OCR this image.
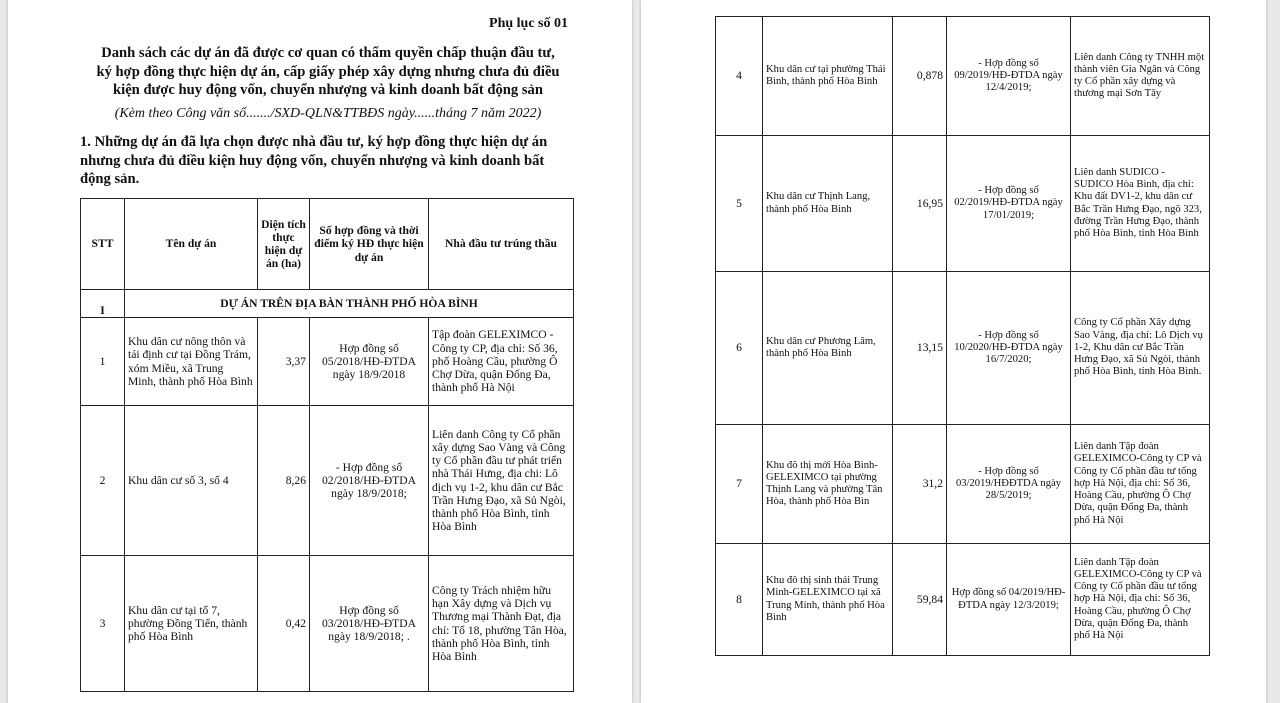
Phụ lục số 01
Danh sách các dự án đã được cơ quan có thẩm quyền chấp thuận đầu tư,
ký hợp đồng thực hiện dự án, cấp giấy phép xây dựng nhưng chưa đủ điều
kiện được huy động vốn, chuyển nhượng và kinh doanh bất động sản
(Kèm theo Công văn số......./SXD-QLN&TTBĐS ngày......tháng 7 năm 2022)
1. Những dự án đã lựa chọn được nhà đầu tư, ký hợp đồng thực hiện dự án nhưng chưa đủ điều kiện huy động vốn, chuyển nhượng và kinh doanh bất động sản.
STT	Tên dự án	Diện tích thực hiện dự án (ha)	Số hợp đồng và thời điểm ký HĐ thực hiện dự án	Nhà đầu tư trúng thầu
I	DỰ ÁN TRÊN ĐỊA BÀN THÀNH PHỐ HÒA BÌNH			
1	Khu dân cư nông thôn và tái định cư tại Đồng Trám, xóm Miều, xã Trung Minh, thành phố Hòa Bình	3,37	Hợp đồng số 05/2018/HĐ-ĐTDA ngày 18/9/2018	Tập đoàn GELEXIMCO - Công ty CP, địa chỉ: Số 36, phố Hoàng Cầu, phường Ô Chợ Dừa, quận Đống Đa, thành phố Hà Nội
2	Khu dân cư số 3, số 4	8,26	- Hợp đồng số 02/2018/HĐ-ĐTDA ngày 18/9/2018;	Liên danh Công ty Cổ phần xây dựng Sao Vàng và Công ty Cổ phần đầu tư phát triển nhà Thái Hưng, địa chi: Lô dịch vụ 1-2, khu dân cư Bắc Trần Hưng Đạo, xã Sủ Ngòi, thành phố Hòa Bình, tỉnh Hòa Bình
3	Khu dân cư tại tổ 7, phường Đồng Tiến, thành phố Hòa Bình	0,42	Hợp đồng số 03/2018/HĐ-ĐTDA ngày 18/9/2018; .	Công ty Trách nhiệm hữu hạn Xây dựng và Dịch vụ Thương mại Thành Đạt, địa chỉ: Tổ 18, phường Tân Hòa, thành phố Hòa Bình, tỉnh Hòa Bình
4	Khu dân cư tại phường Thái Bình, thành phố Hòa Bình	0,878	- Hợp đồng số 09/2019/HĐ-ĐTDA ngày 12/4/2019;	Liên danh Công ty TNHH một thành viên Gia Ngân và Công ty Cổ phần xây dựng và thương mại Sơn Tây
5	Khu dân cư Thịnh Lang, thành phố Hòa Bình	16,95	- Hợp đồng số 02/2019/HĐ-ĐTDA ngày 17/01/2019;	Liên danh SUDICO - SUDICO Hòa Bình, địa chỉ: Khu đất DV1-2, khu dân cư Bắc Trần Hưng Đạo, ngõ 323, đường Trần Hưng Đạo, thành phố Hòa Bình, tỉnh Hòa Bình
6	Khu dân cư Phương Lâm, thành phố Hòa Bình	13,15	- Hợp đồng số 10/2020/HĐ-ĐTDA ngày 16/7/2020;	Công ty Cổ phần Xây dựng Sao Vàng, địa chỉ: Lô Dịch vụ 1-2, Khu dân cư Bắc Trần Hưng Đạo, xã Sủ Ngòi, thành phố Hòa Bình, tỉnh Hòa Bình.
7	Khu đô thị mới Hòa Bình-GELEXIMCO tại phường Thịnh Lang và phường Tân Hòa, thành phố Hòa Bìn	31,2	- Hợp đồng số 03/2019/HĐĐTDA ngày 28/5/2019;	Liên danh Tập đoàn GELEXIMCO-Công ty CP và Công ty Cổ phần đầu tư tổng hợp Hà Nội, địa chỉ: Số 36, Hoàng Cầu, phường Ô Chợ Dừa, quận Đống Đa, thành phố Hà Nội
8	Khu đô thị sinh thái Trung Minh-GELEXIMCO tại xã Trung Minh, thành phố Hòa Bình	59,84	Hợp đồng số 04/2019/HĐ-ĐTDA ngày 12/3/2019;	Liên danh Tập đoàn GELEXIMCO-Công ty CP và Công ty Cổ phần đầu tư tổng hợp Hà Nội, địa chỉ: Số 36, Hoàng Cầu, phường Ô Chợ Dừa, quận Đống Đa, thành phố Hà Nội
